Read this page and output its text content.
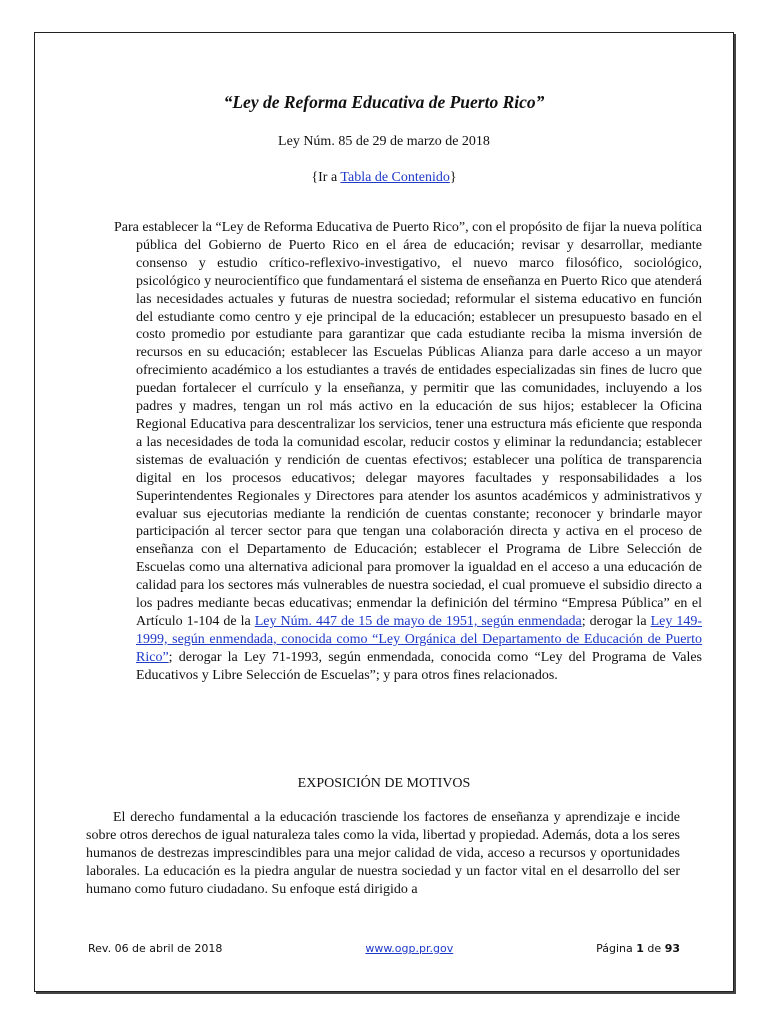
“Ley de Reforma Educativa de Puerto Rico”
Ley Núm. 85 de 29 de marzo de 2018
{Ir a Tabla de Contenido}

Para establecer la “Ley de Reforma Educativa de Puerto Rico”, con el propósito de fijar la nueva política pública del Gobierno de Puerto Rico en el área de educación; revisar y desarrollar, mediante consenso y estudio crítico-reflexivo-investigativo, el nuevo marco filosófico, sociológico, psicológico y neurocientífico que fundamentará el sistema de enseñanza en Puerto Rico que atenderá las necesidades actuales y futuras de nuestra sociedad; reformular el sistema educativo en función del estudiante como centro y eje principal de la educación; establecer un presupuesto basado en el costo promedio por estudiante para garantizar que cada estudiante reciba la misma inversión de recursos en su educación; establecer las Escuelas Públicas Alianza para darle acceso a un mayor ofrecimiento académico a los estudiantes a través de entidades especializadas sin fines de lucro que puedan fortalecer el currículo y la enseñanza, y permitir que las comunidades, incluyendo a los padres y madres, tengan un rol más activo en la educación de sus hijos; establecer la Oficina Regional Educativa para descentralizar los servicios, tener una estructura más eficiente que responda a las necesidades de toda la comunidad escolar, reducir costos y eliminar la redundancia; establecer sistemas de evaluación y rendición de cuentas efectivos; establecer una política de transparencia digital en los procesos educativos; delegar mayores facultades y responsabilidades a los Superintendentes Regionales y Directores para atender los asuntos académicos y administrativos y evaluar sus ejecutorias mediante la rendición de cuentas constante; reconocer y brindarle mayor participación al tercer sector para que tengan una colaboración directa y activa en el proceso de enseñanza con el Departamento de Educación; establecer el Programa de Libre Selección de Escuelas como una alternativa adicional para promover la igualdad en el acceso a una educación de calidad para los sectores más vulnerables de nuestra sociedad, el cual promueve el subsidio directo a los padres mediante becas educativas; enmendar la definición del término “Empresa Pública” en el Artículo 1-104 de la Ley Núm. 447 de 15 de mayo de 1951, según enmendada; derogar la Ley 149-1999, según enmendada, conocida como “Ley Orgánica del Departamento de Educación de Puerto Rico”; derogar la Ley 71-1993, según enmendada, conocida como “Ley del Programa de Vales Educativos y Libre Selección de Escuelas”; y para otros fines relacionados.

EXPOSICIÓN DE MOTIVOS

El derecho fundamental a la educación trasciende los factores de enseñanza y aprendizaje e incide sobre otros derechos de igual naturaleza tales como la vida, libertad y propiedad. Además, dota a los seres humanos de destrezas imprescindibles para una mejor calidad de vida, acceso a recursos y oportunidades laborales. La educación es la piedra angular de nuestra sociedad y un factor vital en el desarrollo del ser humano como futuro ciudadano. Su enfoque está dirigido a

Rev. 06 de abril de 2018	www.ogp.pr.gov	Página 1 de 93
